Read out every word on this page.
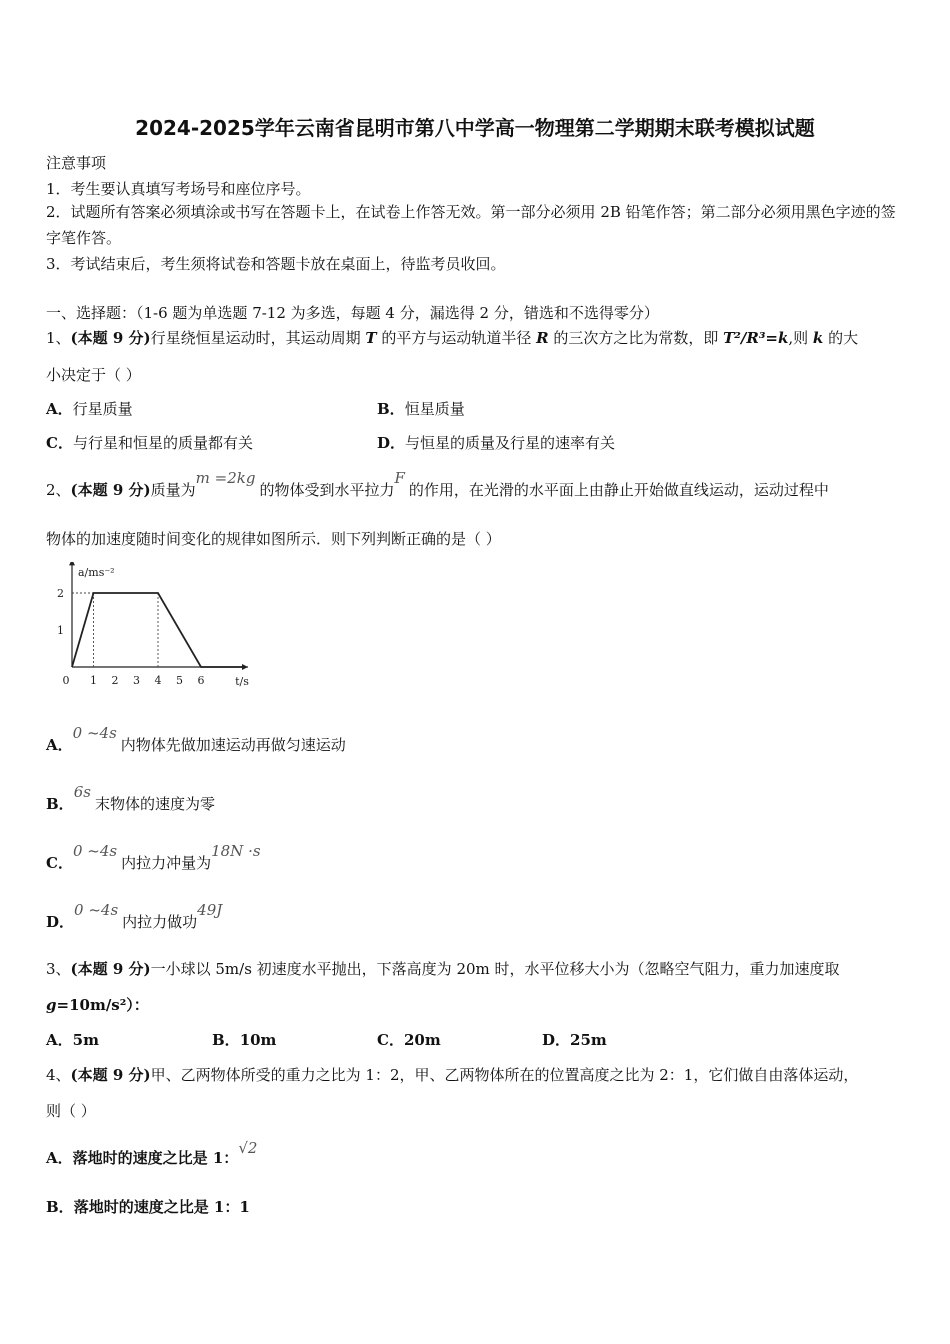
2024-2025学年云南省昆明市第八中学高一物理第二学期期末联考模拟试题
注意事项
1．考生要认真填写考场号和座位序号。
2．试题所有答案必须填涂或书写在答题卡上，在试卷上作答无效。第一部分必须用 2B 铅笔作答；第二部分必须用黑色字迹的签字笔作答。
3．考试结束后，考生须将试卷和答题卡放在桌面上，待监考员收回。
一、选择题：（1-6 题为单选题 7-12 为多选，每题 4 分，漏选得 2 分，错选和不选得零分）
1、(本题 9 分)行星绕恒星运动时，其运动周期 T 的平方与运动轨道半径 R 的三次方之比为常数，即 T²/R³=k,则 k 的大
小决定于（ ）
A．行星质量	B．恒星质量
C．与行星和恒星的质量都有关	D．与恒星的质量及行星的速率有关
2、(本题 9 分)质量为m =2kg的物体受到水平拉力F的作用，在光滑的水平面上由静止开始做直线运动，运动过程中
物体的加速度随时间变化的规律如图所示．则下列判断正确的是（ ）
0 1 2 3 4 5 6
1
2
a/ms⁻²
t/s
A．0 ~4s内物体先做加速运动再做匀速运动
B．6s末物体的速度为零
C．0 ~4s内拉力冲量为18N ·s
D．0 ~4s内拉力做功49J
3、(本题 9 分)一小球以 5m/s 初速度水平抛出，下落高度为 20m 时，水平位移大小为（忽略空气阻力，重力加速度取
g=10m/s²）：
A．5m	B．10m	C．20m	D．25m
4、(本题 9 分)甲、乙两物体所受的重力之比为 1：2，甲、乙两物体所在的位置高度之比为 2：1，它们做自由落体运动，
则（ ）
A．落地时的速度之比是 1：√2
B．落地时的速度之比是 1：1
